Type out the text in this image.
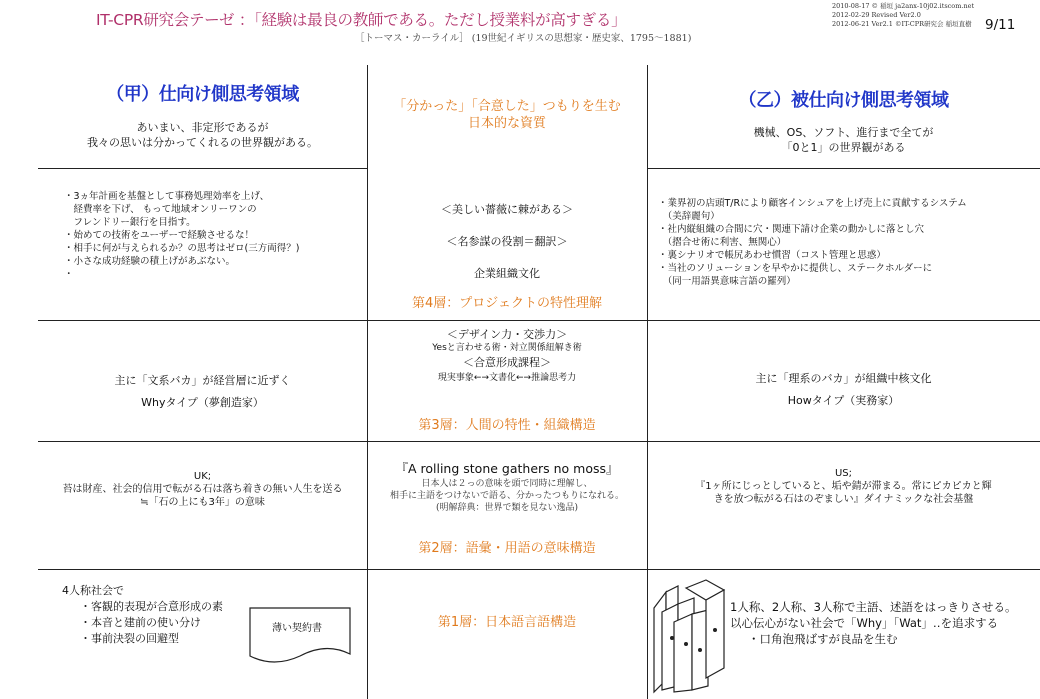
IT-CPR研究会テーゼ ：「経験は最良の教師である。ただし授業料が高すぎる」
［トーマス・カーライル］ (19世紀イギリスの思想家・歴史家、1795～1881)
2010-08-17 © 稲垣 ja2anx-10j02.itscom.net
2012-02-29 Revised Ver2.0
2012-06-21 Ver2.1 ©IT-CPR研究会 稲垣直樹 9/11
（甲）仕向け側思考領域
あいまい、非定形であるが
我々の思いは分かってくれるの世界観がある。
・3ヵ年計画を基盤として事務処理効率を上げ、
　経費率を下げ、 もって地域オンリーワンの
　フレンドリー銀行を目指す。
・始めての技術をユーザーで経験させるな！
・相手に何が与えられるか？の思考はゼロ(三方両得？)
・小さな成功経験の積上げがあぶない。
・
主に「文系バカ」が経営層に近ずく
Whyタイプ（夢創造家）
UK;
苔は財産、社会的信用で転がる石は落ち着きの無い人生を送る
≒「石の上にも3年」の意味
4人称社会で
・客観的表現が合意形成の素
・本音と建前の使い分け
・事前決裂の回避型
薄い契約書
「分かった」「合意した」つもりを生む
日本的な資質
＜美しい薔薇に棘がある＞
＜名参謀の役割＝翻訳＞
企業組織文化
第4層：プロジェクトの特性理解
＜デザイン力・交渉力＞
Yesと言わせる術・対立関係紐解き術
＜合意形成課程＞
現実事象←→文書化←→推論思考力
第3層：人間の特性・組織構造
『A rolling stone gathers no moss』
日本人は２っの意味を頭で同時に理解し、
相手に主語をつけないで語る、分かったつもりになれる。
(明解辞典：世界で類を見ない逸品)
第2層：語彙・用語の意味構造
第1層：日本語言語構造
（乙）被仕向け側思考領域
機械、OS、ソフト、進行まで全てが
「0と1」の世界観がある
・業界初の店頭T/Rにより顧客インシュアを上げ売上に貢献するシステム
　（美辞麗句）
・社内縦組織の合間に穴・関連下請け企業の動かしに落とし穴
　（摺合せ術に利害、無関心）
・裏シナリオで帳尻あわせ慣習（コスト管理と思惑）
・当社のソリューションを早やかに提供し、ステークホルダーに
　（同一用語異意味言語の羅列）
主に「理系のバカ」が組織中核文化
Howタイプ（実務家）
US;
『1ヶ所にじっとしていると、垢や錆が滞まる。常にピカピカと輝
きを放つ転がる石はのぞましい』ダイナミックな社会基盤
1人称、2人称、3人称で主語、述語をはっきりさせる。
以心伝心がない社会で「Why」「Wat」‥を追求する
・口角泡飛ばすが良品を生む
